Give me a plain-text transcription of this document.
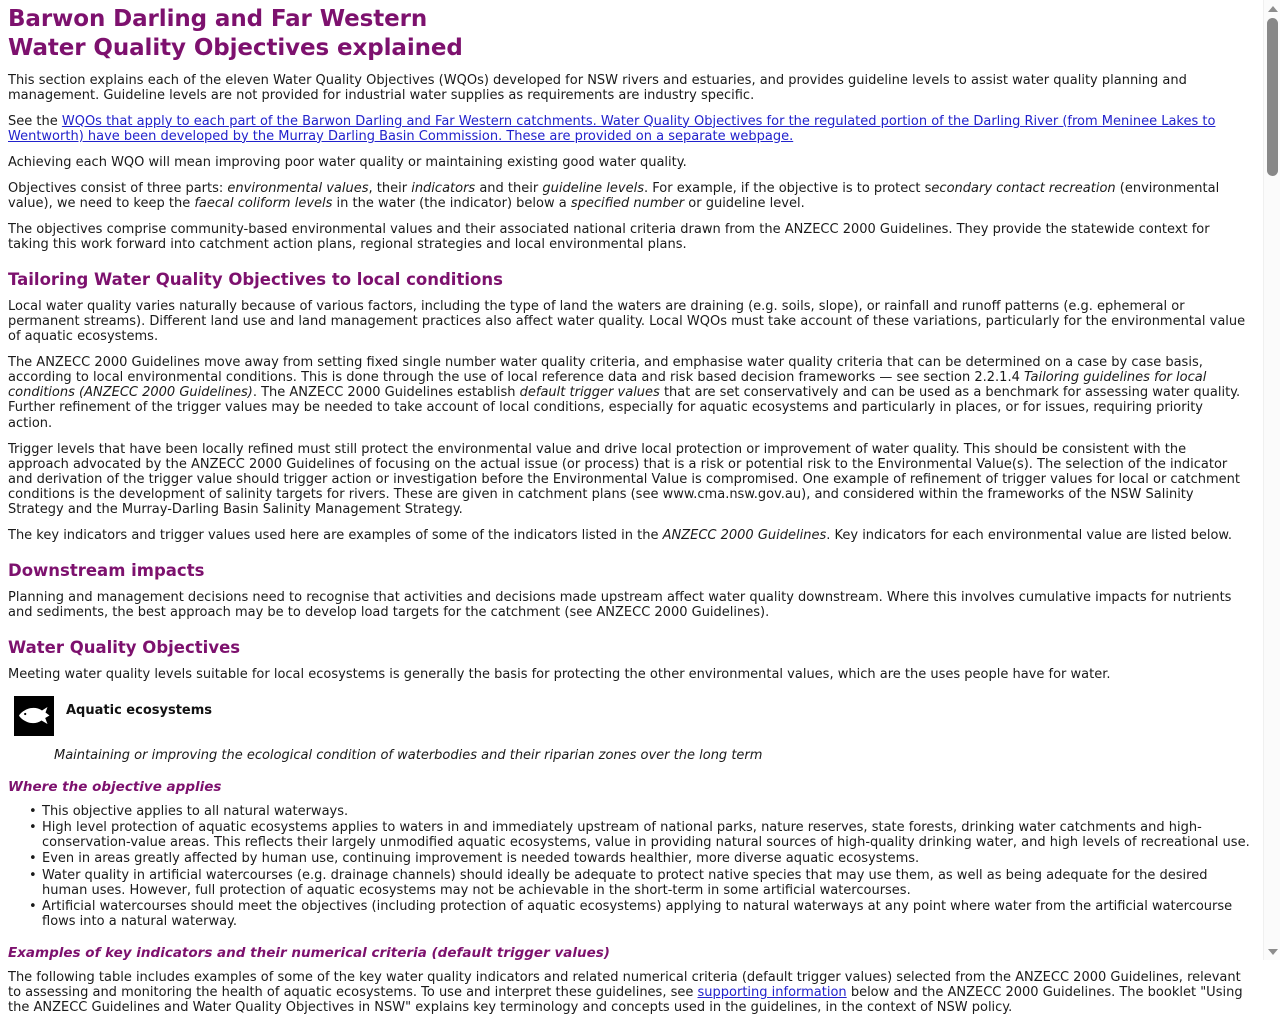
Barwon Darling and Far Western
Water Quality Objectives explained

This section explains each of the eleven Water Quality Objectives (WQOs) developed for NSW rivers and estuaries, and provides guideline levels to assist water quality planning and management. Guideline levels are not provided for industrial water supplies as requirements are industry specific.

See the WQOs that apply to each part of the Barwon Darling and Far Western catchments. Water Quality Objectives for the regulated portion of the Darling River (from Meninee Lakes to Wentworth) have been developed by the Murray Darling Basin Commission. These are provided on a separate webpage.

Achieving each WQO will mean improving poor water quality or maintaining existing good water quality.

Objectives consist of three parts: environmental values, their indicators and their guideline levels. For example, if the objective is to protect secondary contact recreation (environmental value), we need to keep the faecal coliform levels in the water (the indicator) below a specified number or guideline level.

The objectives comprise community-based environmental values and their associated national criteria drawn from the ANZECC 2000 Guidelines. They provide the statewide context for taking this work forward into catchment action plans, regional strategies and local environmental plans.

Tailoring Water Quality Objectives to local conditions

Local water quality varies naturally because of various factors, including the type of land the waters are draining (e.g. soils, slope), or rainfall and runoff patterns (e.g. ephemeral or permanent streams). Different land use and land management practices also affect water quality. Local WQOs must take account of these variations, particularly for the environmental value of aquatic ecosystems.

The ANZECC 2000 Guidelines move away from setting fixed single number water quality criteria, and emphasise water quality criteria that can be determined on a case by case basis, according to local environmental conditions. This is done through the use of local reference data and risk based decision frameworks — see section 2.2.1.4 Tailoring guidelines for local conditions (ANZECC 2000 Guidelines). The ANZECC 2000 Guidelines establish default trigger values that are set conservatively and can be used as a benchmark for assessing water quality. Further refinement of the trigger values may be needed to take account of local conditions, especially for aquatic ecosystems and particularly in places, or for issues, requiring priority action.

Trigger levels that have been locally refined must still protect the environmental value and drive local protection or improvement of water quality. This should be consistent with the approach advocated by the ANZECC 2000 Guidelines of focusing on the actual issue (or process) that is a risk or potential risk to the Environmental Value(s). The selection of the indicator and derivation of the trigger value should trigger action or investigation before the Environmental Value is compromised. One example of refinement of trigger values for local or catchment conditions is the development of salinity targets for rivers. These are given in catchment plans (see www.cma.nsw.gov.au), and considered within the frameworks of the NSW Salinity Strategy and the Murray-Darling Basin Salinity Management Strategy.

The key indicators and trigger values used here are examples of some of the indicators listed in the ANZECC 2000 Guidelines. Key indicators for each environmental value are listed below.

Downstream impacts

Planning and management decisions need to recognise that activities and decisions made upstream affect water quality downstream. Where this involves cumulative impacts for nutrients and sediments, the best approach may be to develop load targets for the catchment (see ANZECC 2000 Guidelines).

Water Quality Objectives

Meeting water quality levels suitable for local ecosystems is generally the basis for protecting the other environmental values, which are the uses people have for water.

Aquatic ecosystems

Maintaining or improving the ecological condition of waterbodies and their riparian zones over the long term

Where the objective applies
• This objective applies to all natural waterways.
• High level protection of aquatic ecosystems applies to waters in and immediately upstream of national parks, nature reserves, state forests, drinking water catchments and high-conservation-value areas. This reflects their largely unmodified aquatic ecosystems, value in providing natural sources of high-quality drinking water, and high levels of recreational use.
• Even in areas greatly affected by human use, continuing improvement is needed towards healthier, more diverse aquatic ecosystems.
• Water quality in artificial watercourses (e.g. drainage channels) should ideally be adequate to protect native species that may use them, as well as being adequate for the desired human uses. However, full protection of aquatic ecosystems may not be achievable in the short-term in some artificial watercourses.
• Artificial watercourses should meet the objectives (including protection of aquatic ecosystems) applying to natural waterways at any point where water from the artificial watercourse flows into a natural waterway.
Examples of key indicators and their numerical criteria (default trigger values)

The following table includes examples of some of the key water quality indicators and related numerical criteria (default trigger values) selected from the ANZECC 2000 Guidelines, relevant to assessing and monitoring the health of aquatic ecosystems. To use and interpret these guidelines, see supporting information below and the ANZECC 2000 Guidelines. The booklet "Using the ANZECC Guidelines and Water Quality Objectives in NSW" explains key terminology and concepts used in the guidelines, in the context of NSW policy.
